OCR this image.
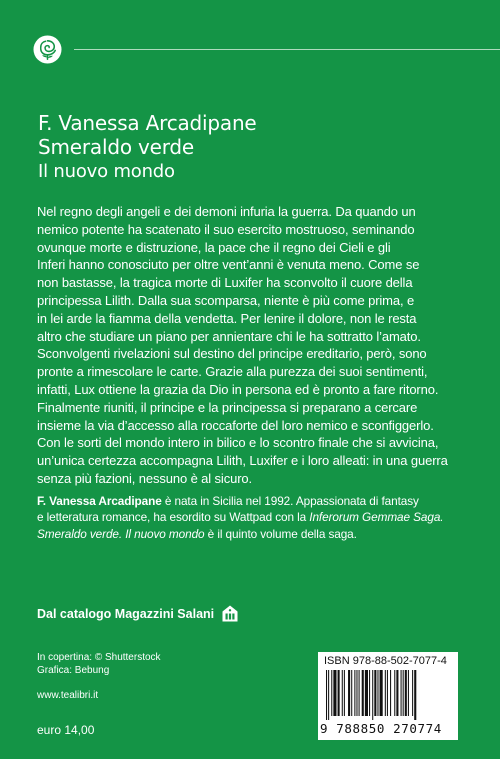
F. Vanessa Arcadipane
Smeraldo verde
Il nuovo mondo
Nel regno degli angeli e dei demoni infuria la guerra. Da quando un
nemico potente ha scatenato il suo esercito mostruoso, seminando
ovunque morte e distruzione, la pace che il regno dei Cieli e gli
Inferi hanno conosciuto per oltre vent’anni è venuta meno. Come se
non bastasse, la tragica morte di Luxifer ha sconvolto il cuore della
principessa Lilith. Dalla sua scomparsa, niente è più come prima, e
in lei arde la fiamma della vendetta. Per lenire il dolore, non le resta
altro che studiare un piano per annientare chi le ha sottratto l’amato.
Sconvolgenti rivelazioni sul destino del principe ereditario, però, sono
pronte a rimescolare le carte. Grazie alla purezza dei suoi sentimenti,
infatti, Lux ottiene la grazia da Dio in persona ed è pronto a fare ritorno.
Finalmente riuniti, il principe e la principessa si preparano a cercare
insieme la via d’accesso alla roccaforte del loro nemico e sconfiggerlo.
Con le sorti del mondo intero in bilico e lo scontro finale che si avvicina,
un’unica certezza accompagna Lilith, Luxifer e i loro alleati: in una guerra
senza più fazioni, nessuno è al sicuro.
F. Vanessa Arcadipane è nata in Sicilia nel 1992. Appassionata di fantasy
e letteratura romance, ha esordito su Wattpad con la Inferorum Gemmae Saga.
Smeraldo verde. Il nuovo mondo è il quinto volume della saga.
Dal catalogo Magazzini Salani
In copertina: © Shutterstock
Grafica: Bebung
www.tealibri.it
euro 14,00
ISBN 978-88-502-7077-4
9 788850 270774
